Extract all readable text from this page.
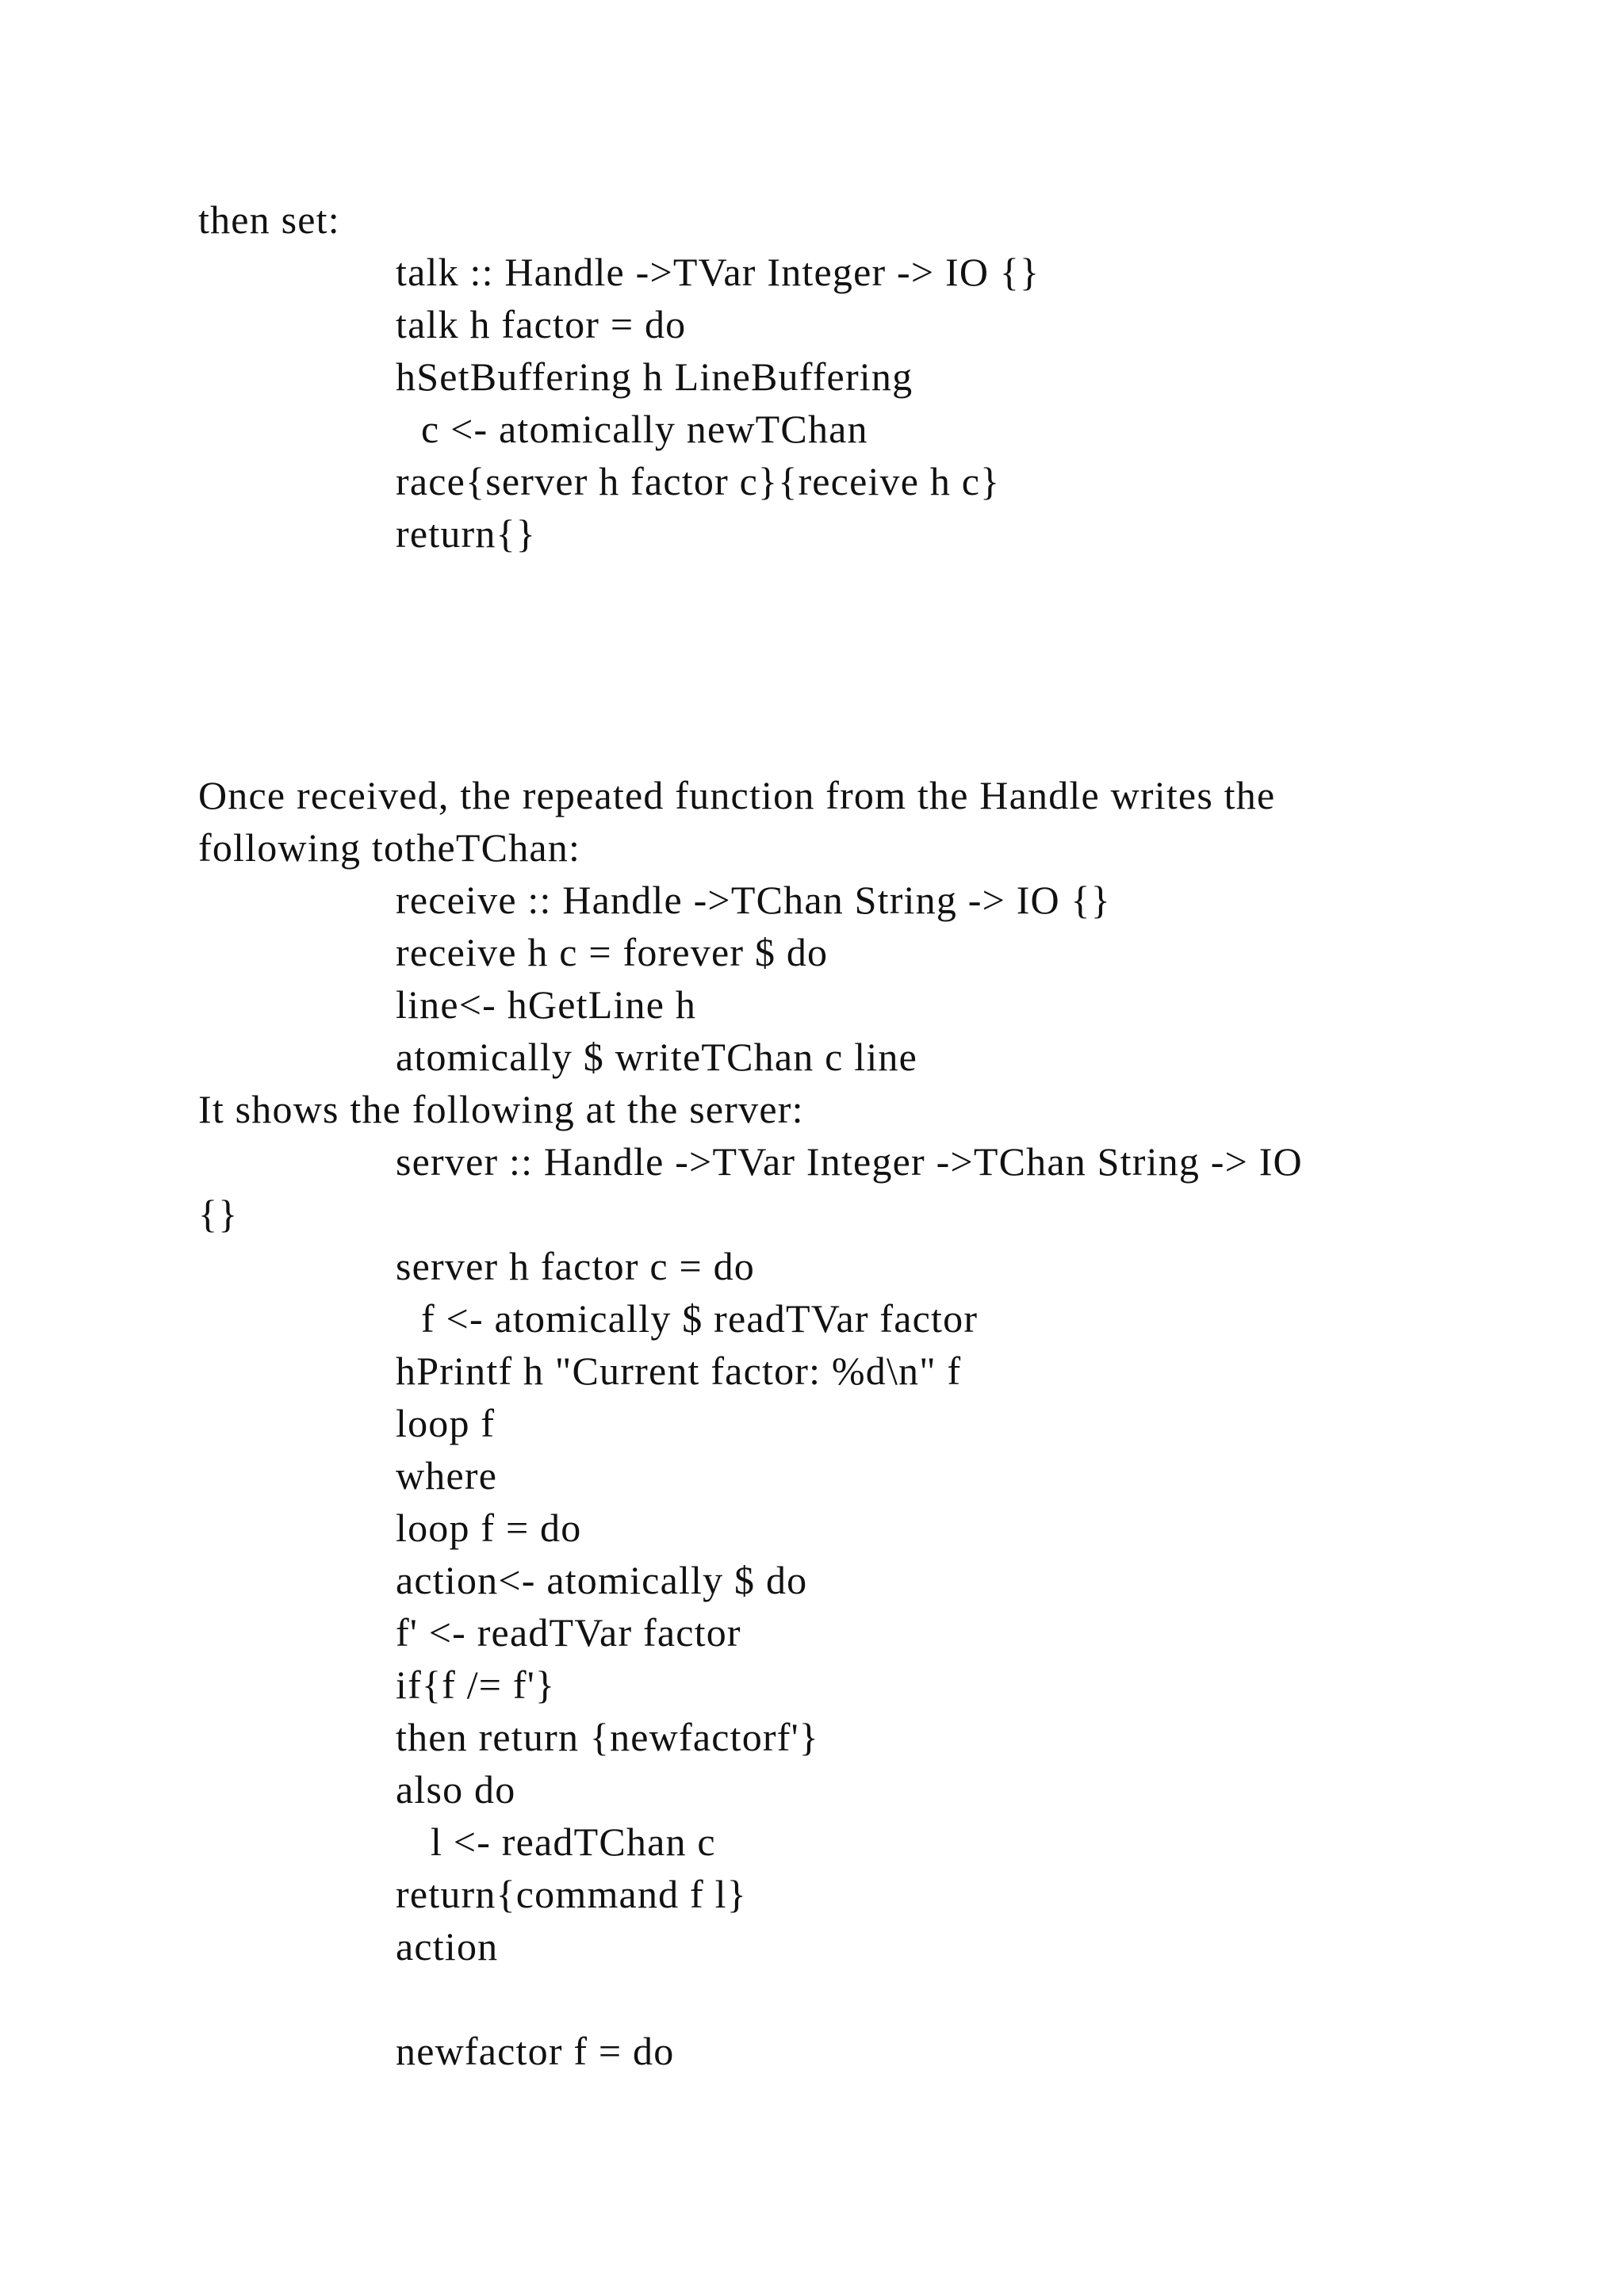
then set:

talk :: Handle ->TVar Integer -> IO {}

talk h factor = do

hSetBuffering h LineBuffering

c <- atomically newTChan

race{server h factor c}{receive h c}

return{}

Once received, the repeated function from the Handle writes the

following totheTChan:

receive :: Handle ->TChan String -> IO {}

receive h c = forever $ do

line<- hGetLine h

atomically $ writeTChan c line

It shows the following at the server:

server :: Handle ->TVar Integer ->TChan String -> IO

{}

server h factor c = do

f <- atomically $ readTVar factor

hPrintf h "Current factor: %d\n" f

loop f

where

loop f = do

action<- atomically $ do

f' <- readTVar factor

if{f /= f'}

then return {newfactorf'}

also do

l <- readTChan c

return{command f l}

action

newfactor f = do
